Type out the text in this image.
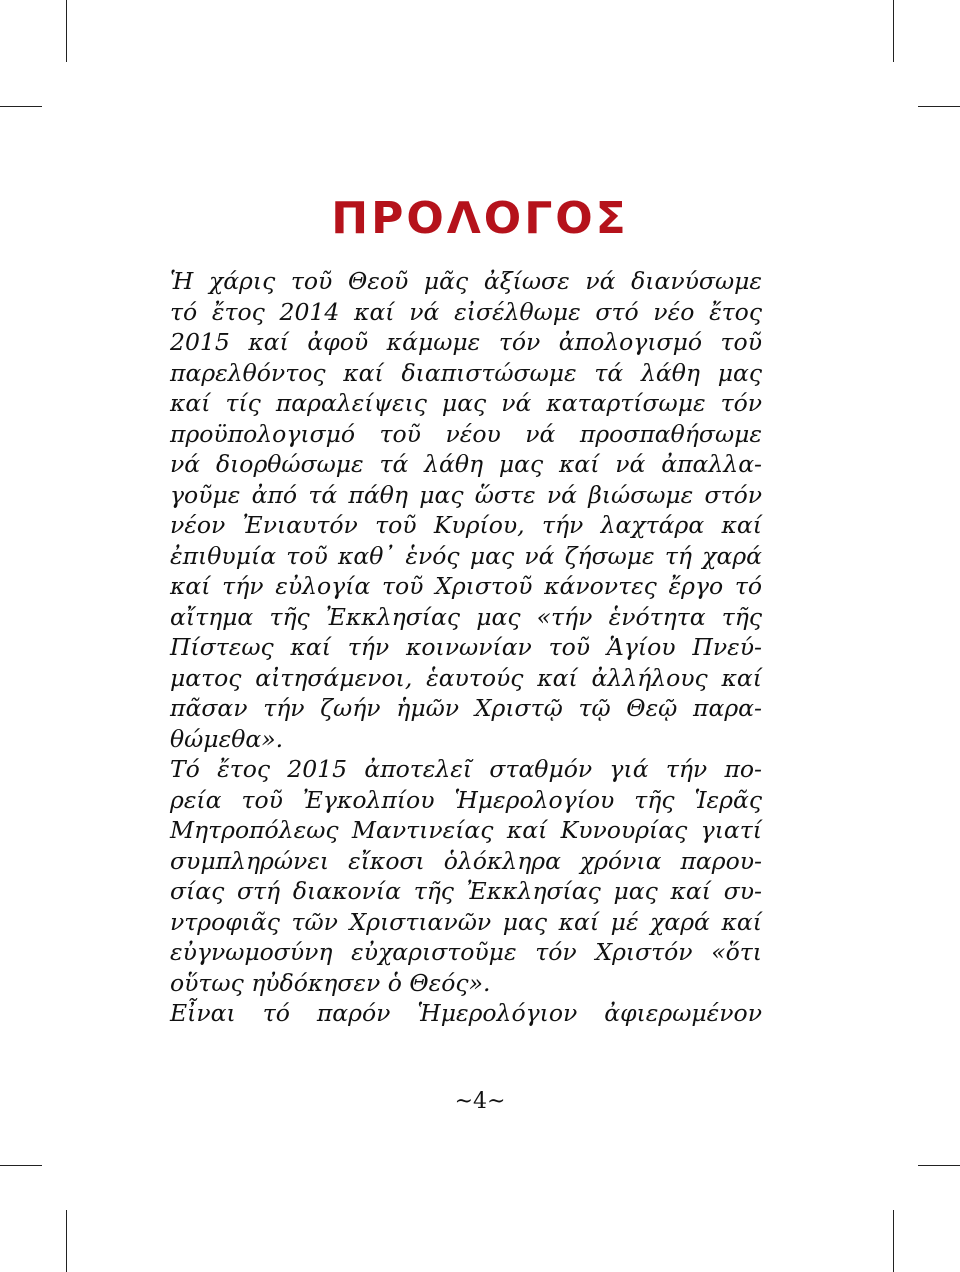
ΠΡΟΛΟΓΟΣ
Ἡ χάρις τοῦ Θεοῦ μᾶς ἀξίωσε νά διανύσωμε
τό ἔτος 2014 καί νά εἰσέλθωμε στό νέο ἔτος
2015 καί ἀφοῦ κάμωμε τόν ἀπολογισμό τοῦ
παρελθόντος καί διαπιστώσωμε τά λάθη μας
καί τίς παραλείψεις μας νά καταρτίσωμε τόν
προϋπολογισμό τοῦ νέου νά προσπαθήσωμε
νά διορθώσωμε τά λάθη μας καί νά ἀπαλλα-
γοῦμε ἀπό τά πάθη μας ὥστε νά βιώσωμε στόν
νέον Ἐνιαυτόν τοῦ Κυρίου, τήν λαχτάρα καί
ἐπιθυμία τοῦ καθ᾽ ἑνός μας νά ζήσωμε τή χαρά
καί τήν εὐλογία τοῦ Χριστοῦ κάνοντες ἔργο τό
αἴτημα τῆς Ἐκκλησίας μας «τήν ἑνότητα τῆς
Πίστεως καί τήν κοινωνίαν τοῦ Ἁγίου Πνεύ-
ματος αἰτησάμενοι, ἑαυτούς καί ἀλλήλους καί
πᾶσαν τήν ζωήν ἡμῶν Χριστῷ τῷ Θεῷ παρα-
θώμεθα».
Τό ἔτος 2015 ἀποτελεῖ σταθμόν γιά τήν πο-
ρεία τοῦ Ἐγκολπίου Ἡμερολογίου τῆς Ἱερᾶς
Μητροπόλεως Μαντινείας καί Κυνουρίας γιατί
συμπληρώνει εἴκοσι ὁλόκληρα χρόνια παρου-
σίας στή διακονία τῆς Ἐκκλησίας μας καί συ-
ντροφιᾶς τῶν Χριστιανῶν μας καί μέ χαρά καί
εὐγνωμοσύνη εὐχαριστοῦμε τόν Χριστόν «ὅτι
οὕτως ηὐδόκησεν ὁ Θεός».
Εἶναι τό παρόν Ἡμερολόγιον ἀφιερωμένον
~4~
